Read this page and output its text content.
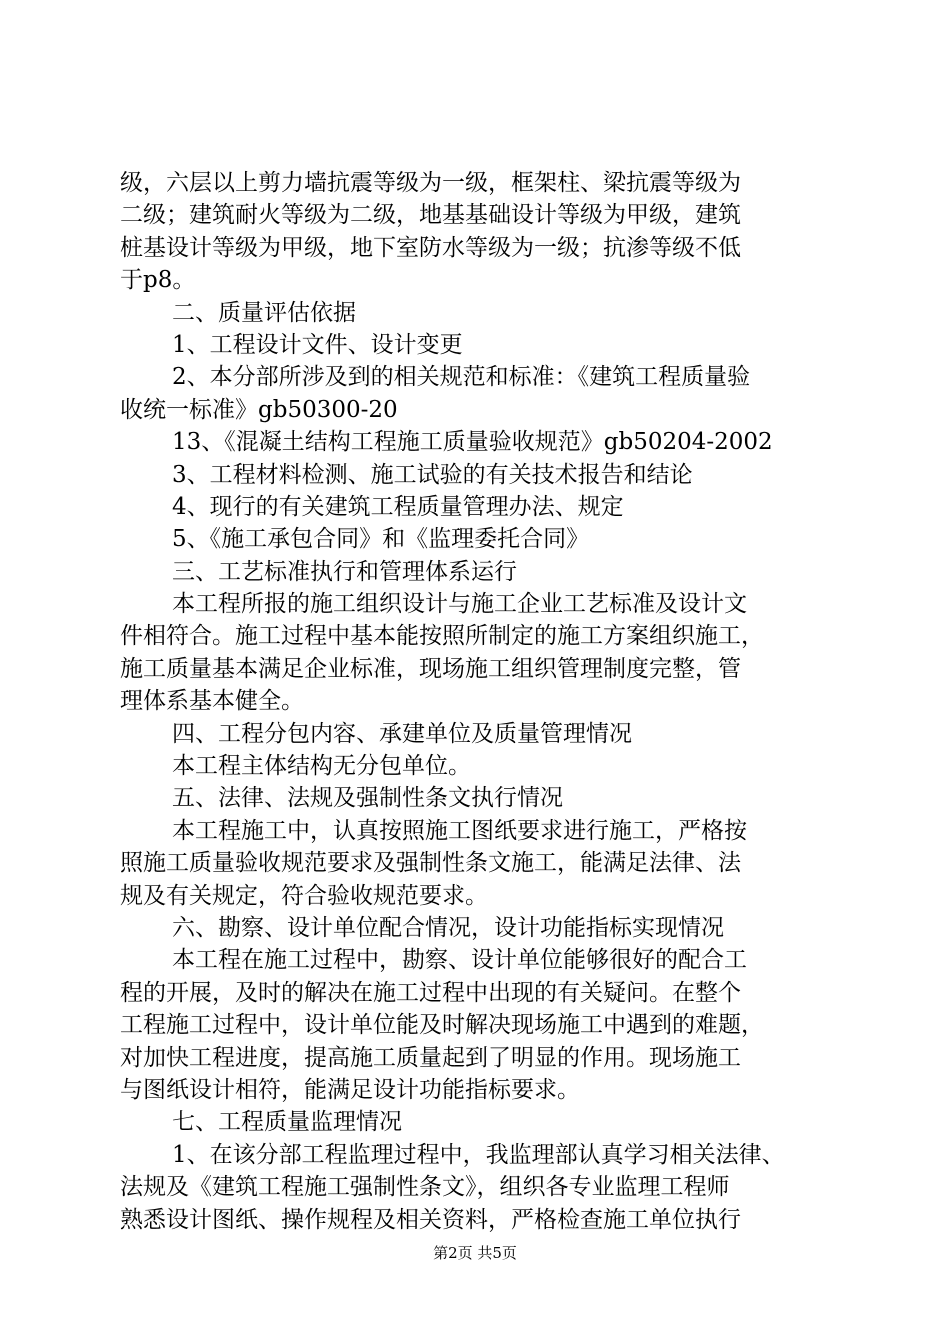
级，六层以上剪力墙抗震等级为一级，框架柱、梁抗震等级为
二级；建筑耐火等级为二级，地基基础设计等级为甲级，建筑
桩基设计等级为甲级，地下室防水等级为一级；抗渗等级不低
于p8。
二、质量评估依据
1、工程设计文件、设计变更
2、本分部所涉及到的相关规范和标准：《建筑工程质量验
收统一标准》gb50300-20
13、《混凝土结构工程施工质量验收规范》gb50204-2002
3、工程材料检测、施工试验的有关技术报告和结论
4、现行的有关建筑工程质量管理办法、规定
5、《施工承包合同》和《监理委托合同》
三、工艺标准执行和管理体系运行
本工程所报的施工组织设计与施工企业工艺标准及设计文
件相符合。施工过程中基本能按照所制定的施工方案组织施工，
施工质量基本满足企业标准，现场施工组织管理制度完整，管
理体系基本健全。
四、工程分包内容、承建单位及质量管理情况
本工程主体结构无分包单位。
五、法律、法规及强制性条文执行情况
本工程施工中，认真按照施工图纸要求进行施工，严格按
照施工质量验收规范要求及强制性条文施工，能满足法律、法
规及有关规定，符合验收规范要求。
六、勘察、设计单位配合情况，设计功能指标实现情况
本工程在施工过程中，勘察、设计单位能够很好的配合工
程的开展，及时的解决在施工过程中出现的有关疑问。在整个
工程施工过程中，设计单位能及时解决现场施工中遇到的难题，
对加快工程进度，提高施工质量起到了明显的作用。现场施工
与图纸设计相符，能满足设计功能指标要求。
七、工程质量监理情况
1、在该分部工程监理过程中，我监理部认真学习相关法律、
法规及《建筑工程施工强制性条文》，组织各专业监理工程师
熟悉设计图纸、操作规程及相关资料，严格检查施工单位执行
第2页 共5页
